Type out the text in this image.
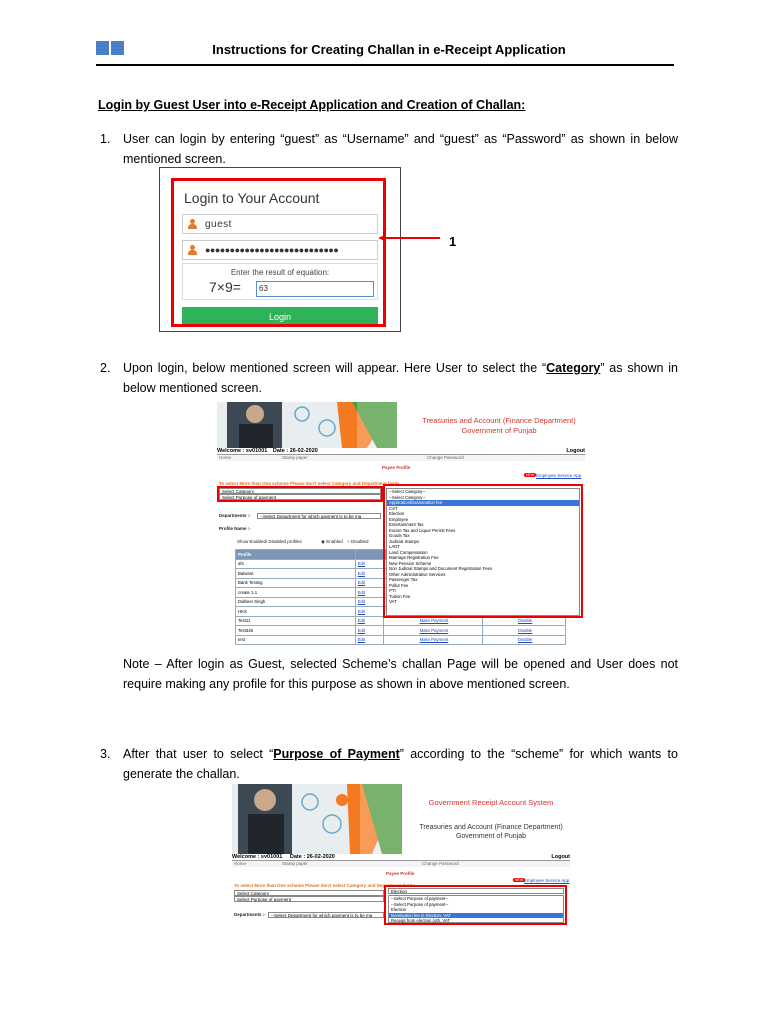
Instructions for Creating Challan in e-Receipt Application
Login by Guest User into e-Receipt Application and Creation of Challan:
1. User can login by entering “guest” as “Username” and “guest” as “Password” as shown in below mentioned screen.
Login to Your Account
guest
●●●●●●●●●●●●●●●●●●●●●●●●●●●
Enter the result of equation:
7×9=	63
Login
1
2. Upon login, below mentioned screen will appear. Here User to select the “Category” as shown in below mentioned screen.
Treasuries and Account (Finance Department)
Government of Punjab
Welcome : sv01001 Date : 26-02-2020	Logout
Home	Stamp paper	Change Password
Payee Profile
NEW Employee Service App
To select More than One scheme Please don't select Category and Department fields
Select Category
Select Purpose of payment
Departments :-	--Select Department for which payment is to be ma
Profile Name :-
Show Enabled/ Disabled profiles	◉ Enabled ○ Disabled
Profile			
afs	Edit		
Balwant	Edit		
Bank Testing	Edit		
create 1.1	Edit		
Dalbeer Singh	Edit		
HKS	Edit		
Test11	Edit	Make Payment	Disable
Test345	Edit	Make Payment	Disable
test	Edit	Make Payment	Disable
--Select Category--
--Select Category--
Application/Examination fee
CST
Election
Employee
Entertainment Tax
Excise Tax and Liquor Permit Fees
Goods Tax
Judicial Stamps
LADT
Land Compensation
Marriage Registration Fee
New Pension Scheme
Non Judicial Stamps and Document Registration Fees
Other Administrative Services
Passenger Tax
Pollut Fee
PTI
Tuition Fee
VAT
Note – After login as Guest, selected Scheme’s challan Page will be opened and User does not require making any profile for this purpose as shown in above mentioned screen.
3. After that user to select “Purpose of Payment” according to the “scheme” for which wants to generate the challan.
Government Receipt Account System
Treasuries and Account (Finance Department)
Government of Punjab
Welcome : sv01001 Date : 26-02-2020	Logout
Home	Stamp paper	Change Password
Payee Profile
NEW Employee Service App
To select More than One scheme Please don't select Category and Department fields
Select Category
Select Purpose of payment
Departments :-	--Select Department for which payment is to be ma
Election
--Select Purpose of payment--
--Select Purpose of payment--
Election
Nomination fee in Election, VAT
Receipt from election (oth, VAT
